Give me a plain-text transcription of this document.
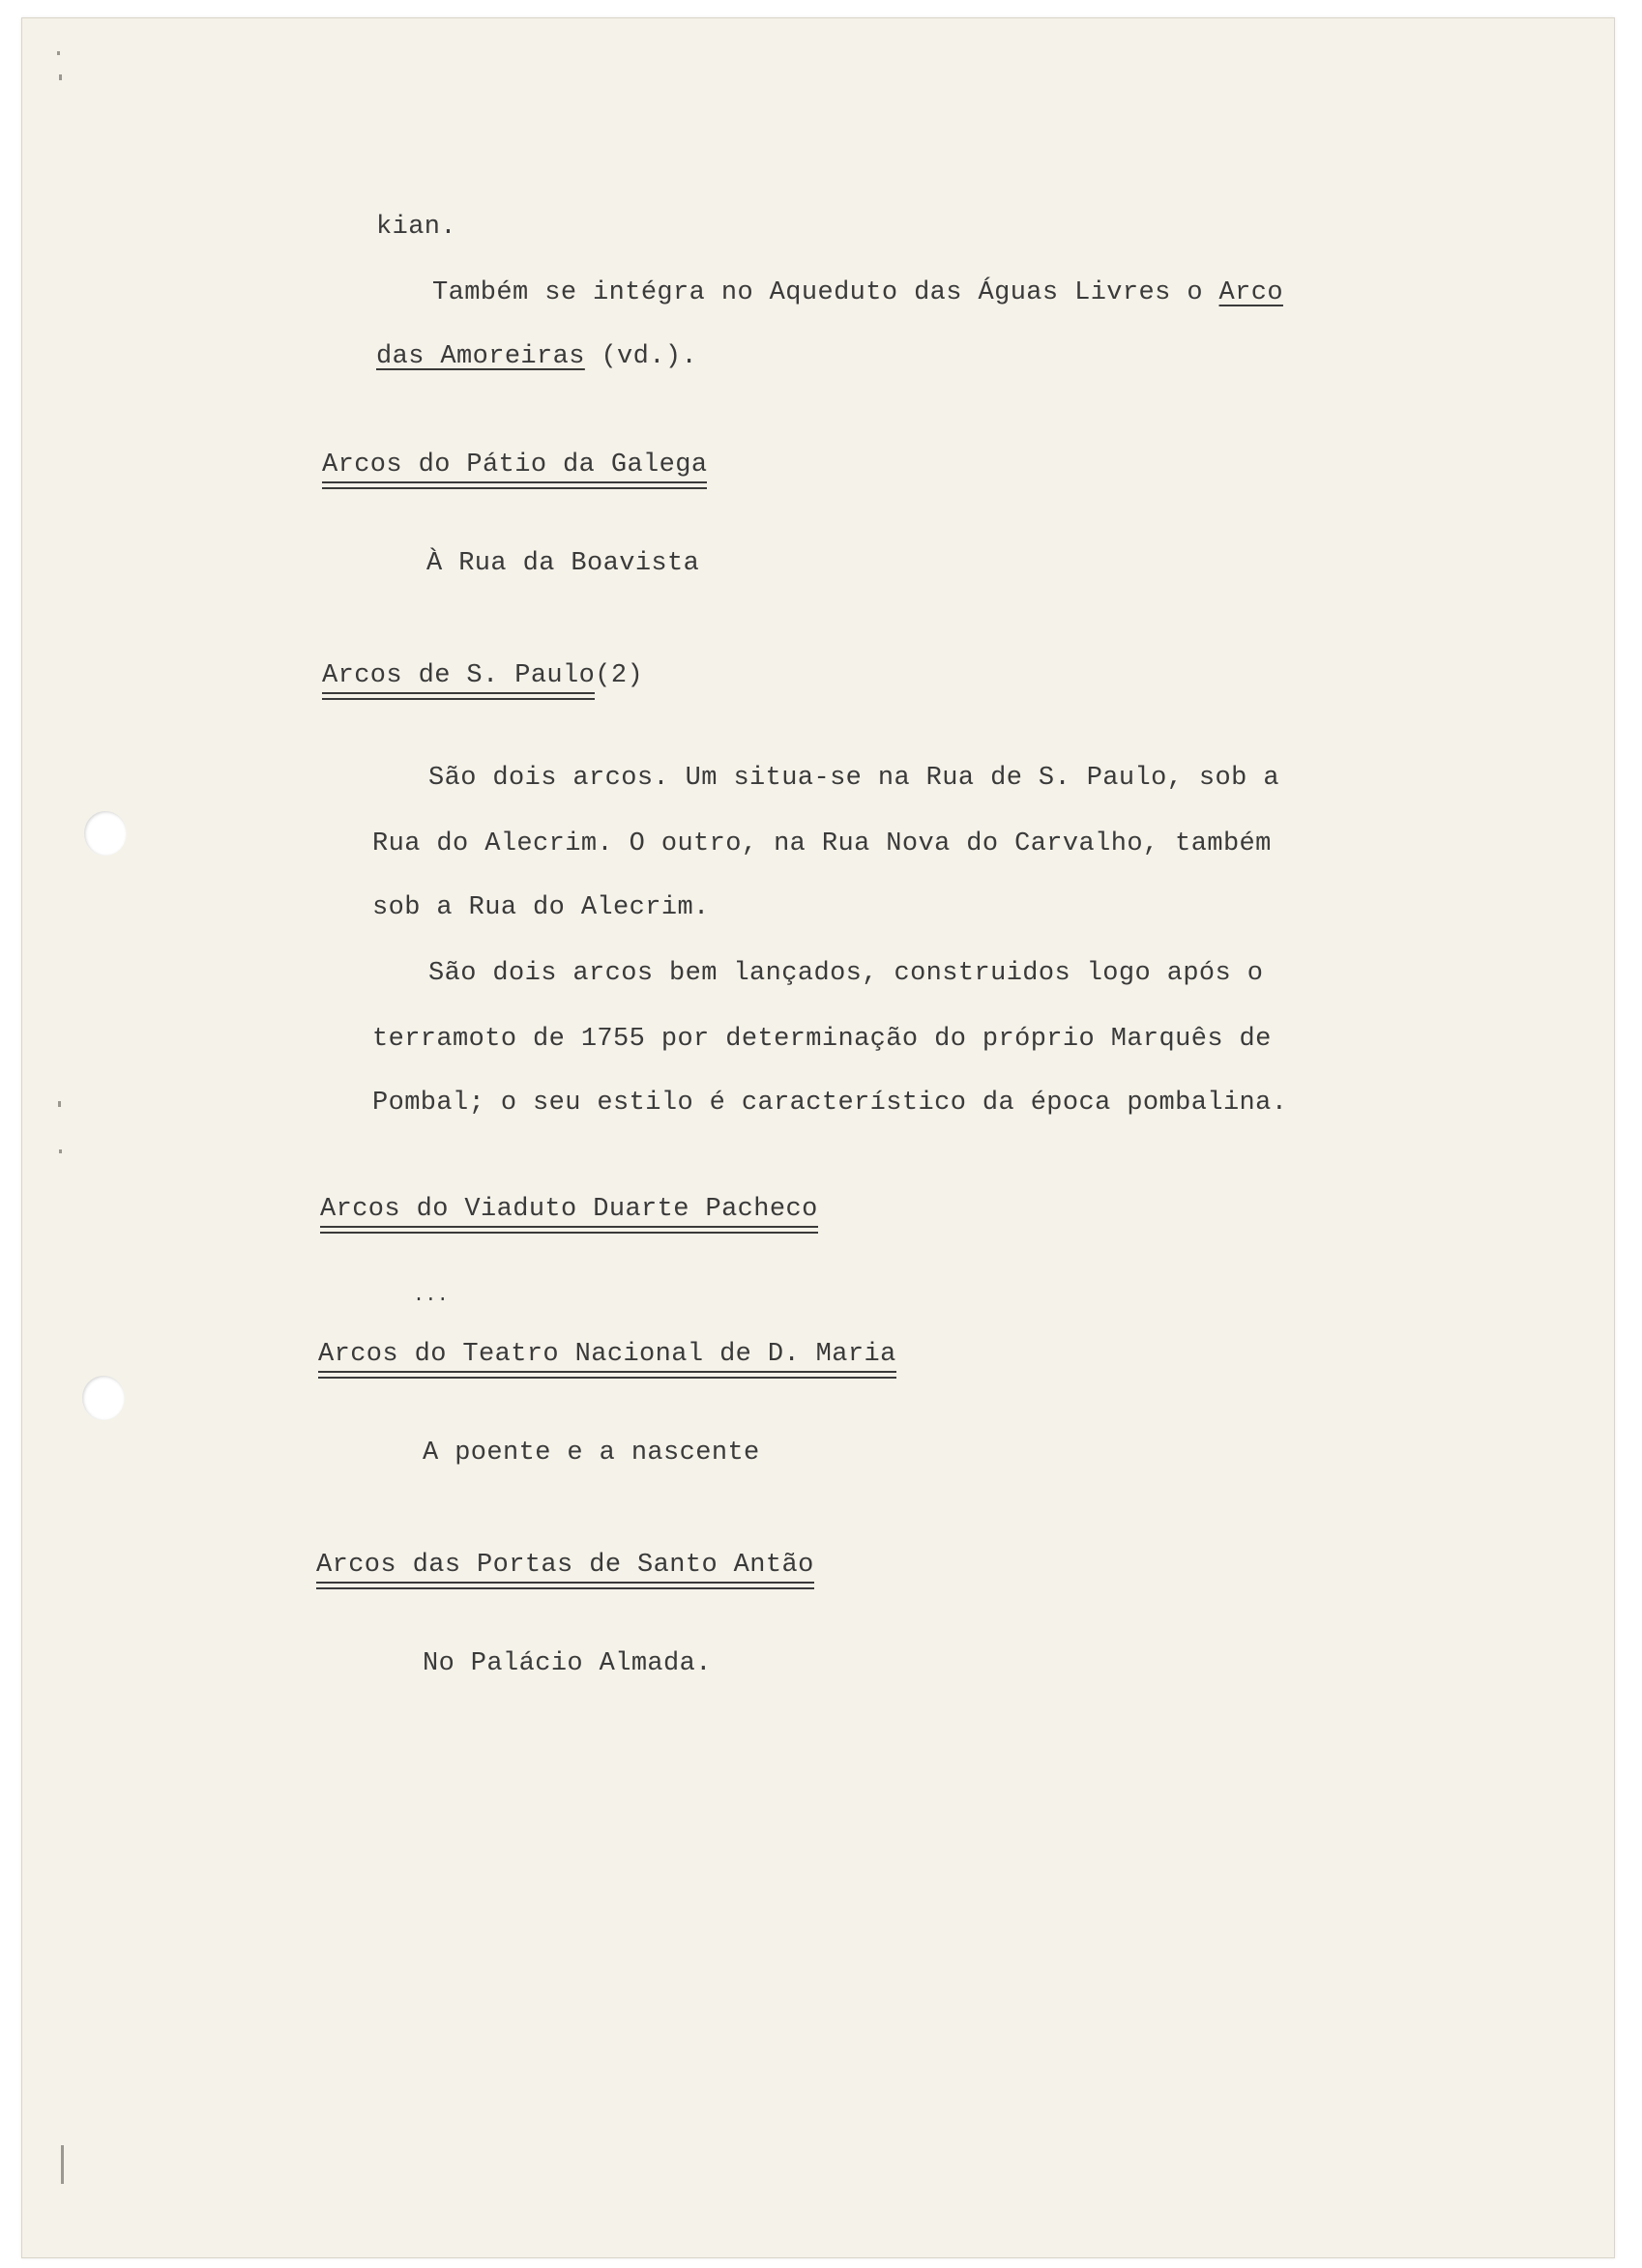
kian.

Também se intégra no Aqueduto das Águas Livres o Arco

das Amoreiras (vd.).

Arcos do Pátio da Galega

À Rua da Boavista

Arcos de S. Paulo(2)

São dois arcos. Um situa-se na Rua de S. Paulo, sob a

Rua do Alecrim. O outro, na Rua Nova do Carvalho, também

sob a Rua do Alecrim.

São dois arcos bem lançados, construidos logo após o

terramoto de 1755 por determinação do próprio Marquês de

Pombal; o seu estilo é característico da época pombalina.

Arcos do Viaduto Duarte Pacheco

...

Arcos do Teatro Nacional de D. Maria

A poente e a nascente

Arcos das Portas de Santo Antão

No Palácio Almada.
